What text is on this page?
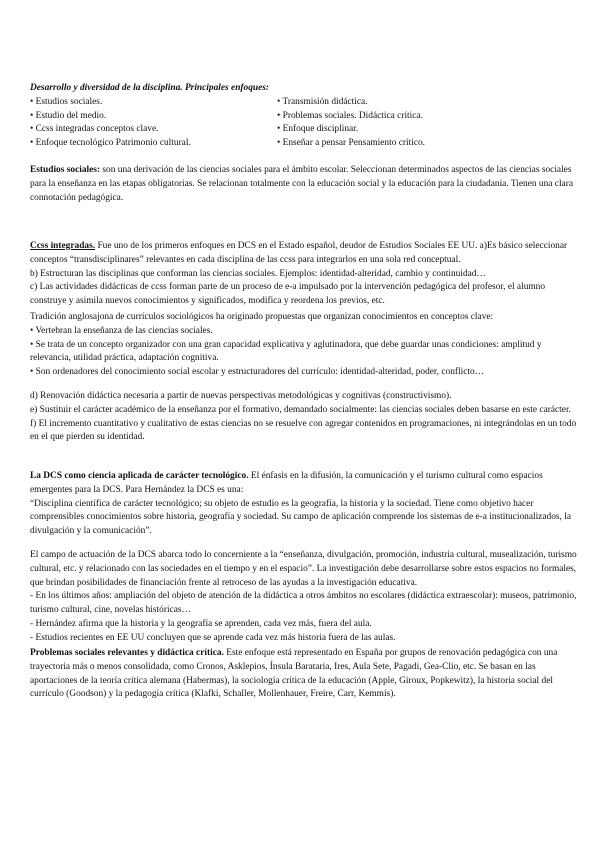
Desarrollo y diversidad de la disciplina. Principales enfoques:

• Estudios sociales.
• Estudio del medio.
• Ccss integradas conceptos clave.
• Enfoque tecnológico Patrimonio cultural.
• Transmisión didáctica.
• Problemas sociales. Didáctica crítica.
• Enfoque disciplinar.
• Enseñar a pensar Pensamiento crítico.

Estudios sociales: son una derivación de las ciencias sociales para el ámbito escolar. Seleccionan determinados aspectos de las ciencias sociales para la enseñanza en las etapas obligatorias. Se relacionan totalmente con la educación social y la educación para la ciudadanía. Tienen una clara connotación pedagógica.

Ccss integradas. Fue uno de los primeros enfoques en DCS en el Estado español, deudor de Estudios Sociales EE UU. a)Es básico seleccionar conceptos “transdisciplinares” relevantes en cada disciplina de las ccss para integrarlos en una sola red conceptual.

b) Estructuran las disciplinas que conforman las ciencias sociales. Ejemplos: identidad-alteridad, cambio y continuidad…

c) Las actividades didácticas de ccss forman parte de un proceso de e-a impulsado por la intervención pedagógica del profesor, el alumno construye y asimila nuevos conocimientos y significados, modifica y reordena los previos, etc.

Tradición anglosajona de currículos sociológicos ha originado propuestas que organizan conocimientos en conceptos clave:

• Vertebran la enseñanza de las ciencias sociales.

• Se trata de un concepto organizador con una gran capacidad explicativa y aglutinadora, que debe guardar unas condiciones: amplitud y relevancia, utilidad práctica, adaptación cognitiva.

• Son ordenadores del conocimiento social escolar y estructuradores del currículo: identidad-alteridad, poder, conflicto…

d) Renovación didáctica necesaria a partir de nuevas perspectivas metodológicas y cognitivas (constructivismo).

e) Sustituir el carácter académico de la enseñanza por el formativo, demandado socialmente: las ciencias sociales deben basarse en este carácter.

f) El incremento cuantitativo y cualitativo de estas ciencias no se resuelve con agregar contenidos en programaciones, ni integrándolas en un todo en el que pierden su identidad.

La DCS como ciencia aplicada de carácter tecnológico. El énfasis en la difusión, la comunicación y el turismo cultural como espacios emergentes para la DCS. Para Hernández la DCS es una:

“Disciplina científica de carácter tecnológico; su objeto de estudio es la geografía, la historia y la sociedad. Tiene como objetivo hacer comprensibles conocimientos sobre historia, geografía y sociedad. Su campo de aplicación comprende los sistemas de e-a institucionalizados, la divulgación y la comunicación”.

El campo de actuación de la DCS abarca todo lo concerniente a la “enseñanza, divulgación, promoción, industria cultural, musealización, turismo cultural, etc. y relacionado con las sociedades en el tiempo y en el espacio”. La investigación debe desarrollarse sobre estos espacios no formales, que brindan posibilidades de financiación frente al retroceso de las ayudas a la investigación educativa.

- En los últimos años: ampliación del objeto de atención de la didáctica a otros ámbitos no escolares (didáctica extraescolar): museos, patrimonio, turismo cultural, cine, novelas históricas…

- Hernández afirma que la historia y la geografía se aprenden, cada vez más, fuera del aula.

- Estudios recientes en EE UU concluyen que se aprende cada vez más historia fuera de las aulas.

Problemas sociales relevantes y didáctica crítica. Este enfoque está representado en España por grupos de renovación pedagógica con una trayectoria más o menos consolidada, como Cronos, Asklepios, Ínsula Barataria, Ires, Aula Sete, Pagadi, Gea-Clío, etc. Se basan en las aportaciones de la teoría crítica alemana (Habermas), la sociología crítica de la educación (Apple, Giroux, Popkewitz), la historia social del currículo (Goodson) y la pedagogía crítica (Klafki, Schaller, Mollenhauer, Freire, Carr, Kemmis).
